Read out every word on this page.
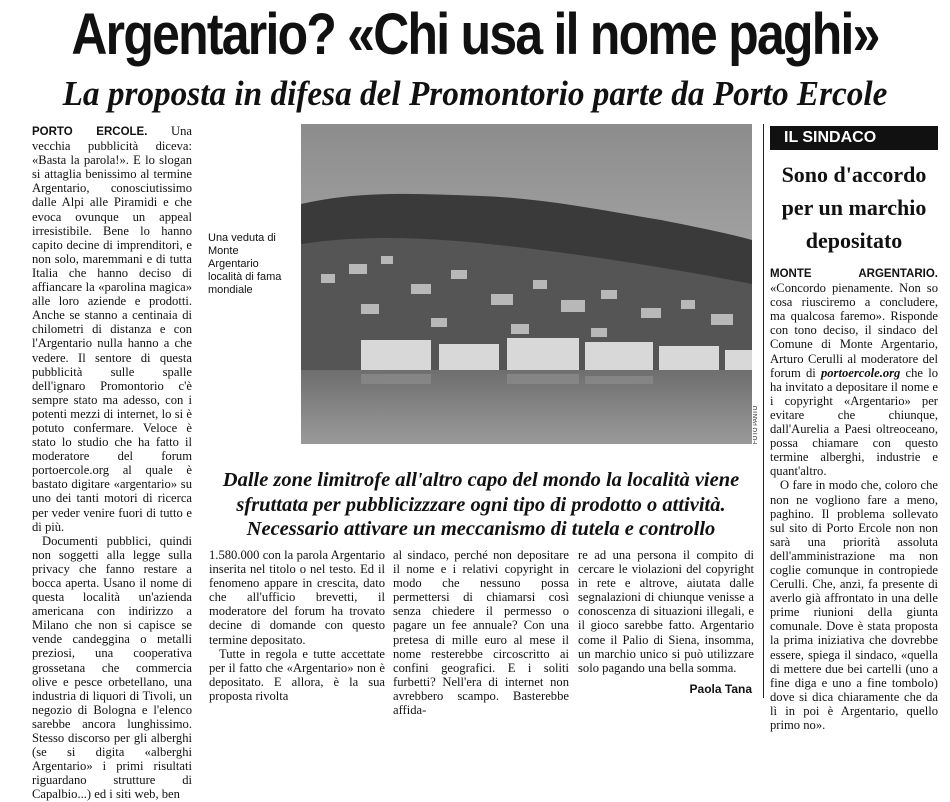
Argentario? «Chi usa il nome paghi»
La proposta in difesa del Promontorio parte da Porto Ercole

PORTO ERCOLE. Una vecchia pubblicità diceva: «Basta la parola!». E lo slogan si attaglia benissimo al termine Argentario, conosciutissimo dalle Alpi alle Piramidi e che evoca ovunque un appeal irresistibile. Bene lo hanno capito decine di imprenditori, e non solo, maremmani e di tutta Italia che hanno deciso di affiancare la «parolina magica» alle loro aziende e prodotti. Anche se stanno a centinaia di chilometri di distanza e con l'Argentario nulla hanno a che vedere. Il sentore di questa pubblicità sulle spalle dell'ignaro Promontorio c'è sempre stato ma adesso, con i potenti mezzi di internet, lo si è potuto confermare. Veloce è stato lo studio che ha fatto il moderatore del forum portoercole.org al quale è bastato digitare «argentario» su uno dei tanti motori di ricerca per veder venire fuori di tutto e di più.

Documenti pubblici, quindi non soggetti alla legge sulla privacy che fanno restare a bocca aperta. Usano il nome di questa località un'azienda americana con indirizzo a Milano che non si capisce se vende candeggina o metalli preziosi, una cooperativa grossetana che commercia olive e pesce orbetellano, una industria di liquori di Tivoli, un negozio di Bologna e l'elenco sarebbe ancora lunghissimo. Stesso discorso per gli alberghi (se si digita «alberghi Argentario» i primi risultati riguardano strutture di Capalbio...) ed i siti web, ben

Una veduta di Monte Argentario località di fama mondiale
FOTO PANTO
Dalle zone limitrofe all'altro capo del mondo la località viene sfruttata per pubblicizzzare ogni tipo di prodotto o attività. Necessario attivare un meccanismo di tutela e controllo

1.580.000 con la parola Argentario inserita nel titolo o nel testo. Ed il fenomeno appare in crescita, dato che all'ufficio brevetti, il moderatore del forum ha trovato decine di domande con questo termine depositato.

Tutte in regola e tutte accettate per il fatto che «Argentario» non è depositato. E allora, è la sua proposta rivolta

al sindaco, perché non depositare il nome e i relativi copyright in modo che nessuno possa permettersi di chiamarsi così senza chiedere il permesso o pagare un fee annuale? Con una pretesa di mille euro al mese il nome resterebbe circoscritto ai confini geografici. E i soliti furbetti? Nell'era di internet non avrebbero scampo. Basterebbe affida-

re ad una persona il compito di cercare le violazioni del copyright in rete e altrove, aiutata dalle segnalazioni di chiunque venisse a conoscenza di situazioni illegali, e il gioco sarebbe fatto. Argentario come il Palio di Siena, insomma, un marchio unico si può utilizzare solo pagando una bella somma.

Paola Tana
IL SINDACO
Sono d'accordo per un marchio depositato

MONTE ARGENTARIO. «Concordo pienamente. Non so cosa riusciremo a concludere, ma qualcosa faremo». Risponde con tono deciso, il sindaco del Comune di Monte Argentario, Arturo Cerulli al moderatore del forum di portoercole.org che lo ha invitato a depositare il nome e i copyright «Argentario» per evitare che chiunque, dall'Aurelia a Paesi oltreoceano, possa chiamare con questo termine alberghi, industrie e quant'altro.

O fare in modo che, coloro che non ne vogliono fare a meno, paghino. Il problema sollevato sul sito di Porto Ercole non non sarà una priorità assoluta dell'amministrazione ma non coglie comunque in contropiede Cerulli. Che, anzi, fa presente di averlo già affrontato in una delle prime riunioni della giunta comunale. Dove è stata proposta la prima iniziativa che dovrebbe essere, spiega il sindaco, «quella di mettere due bei cartelli (uno a fine diga e uno a fine tombolo) dove si dica chiaramente che da lì in poi è Argentario, quello primo no».
